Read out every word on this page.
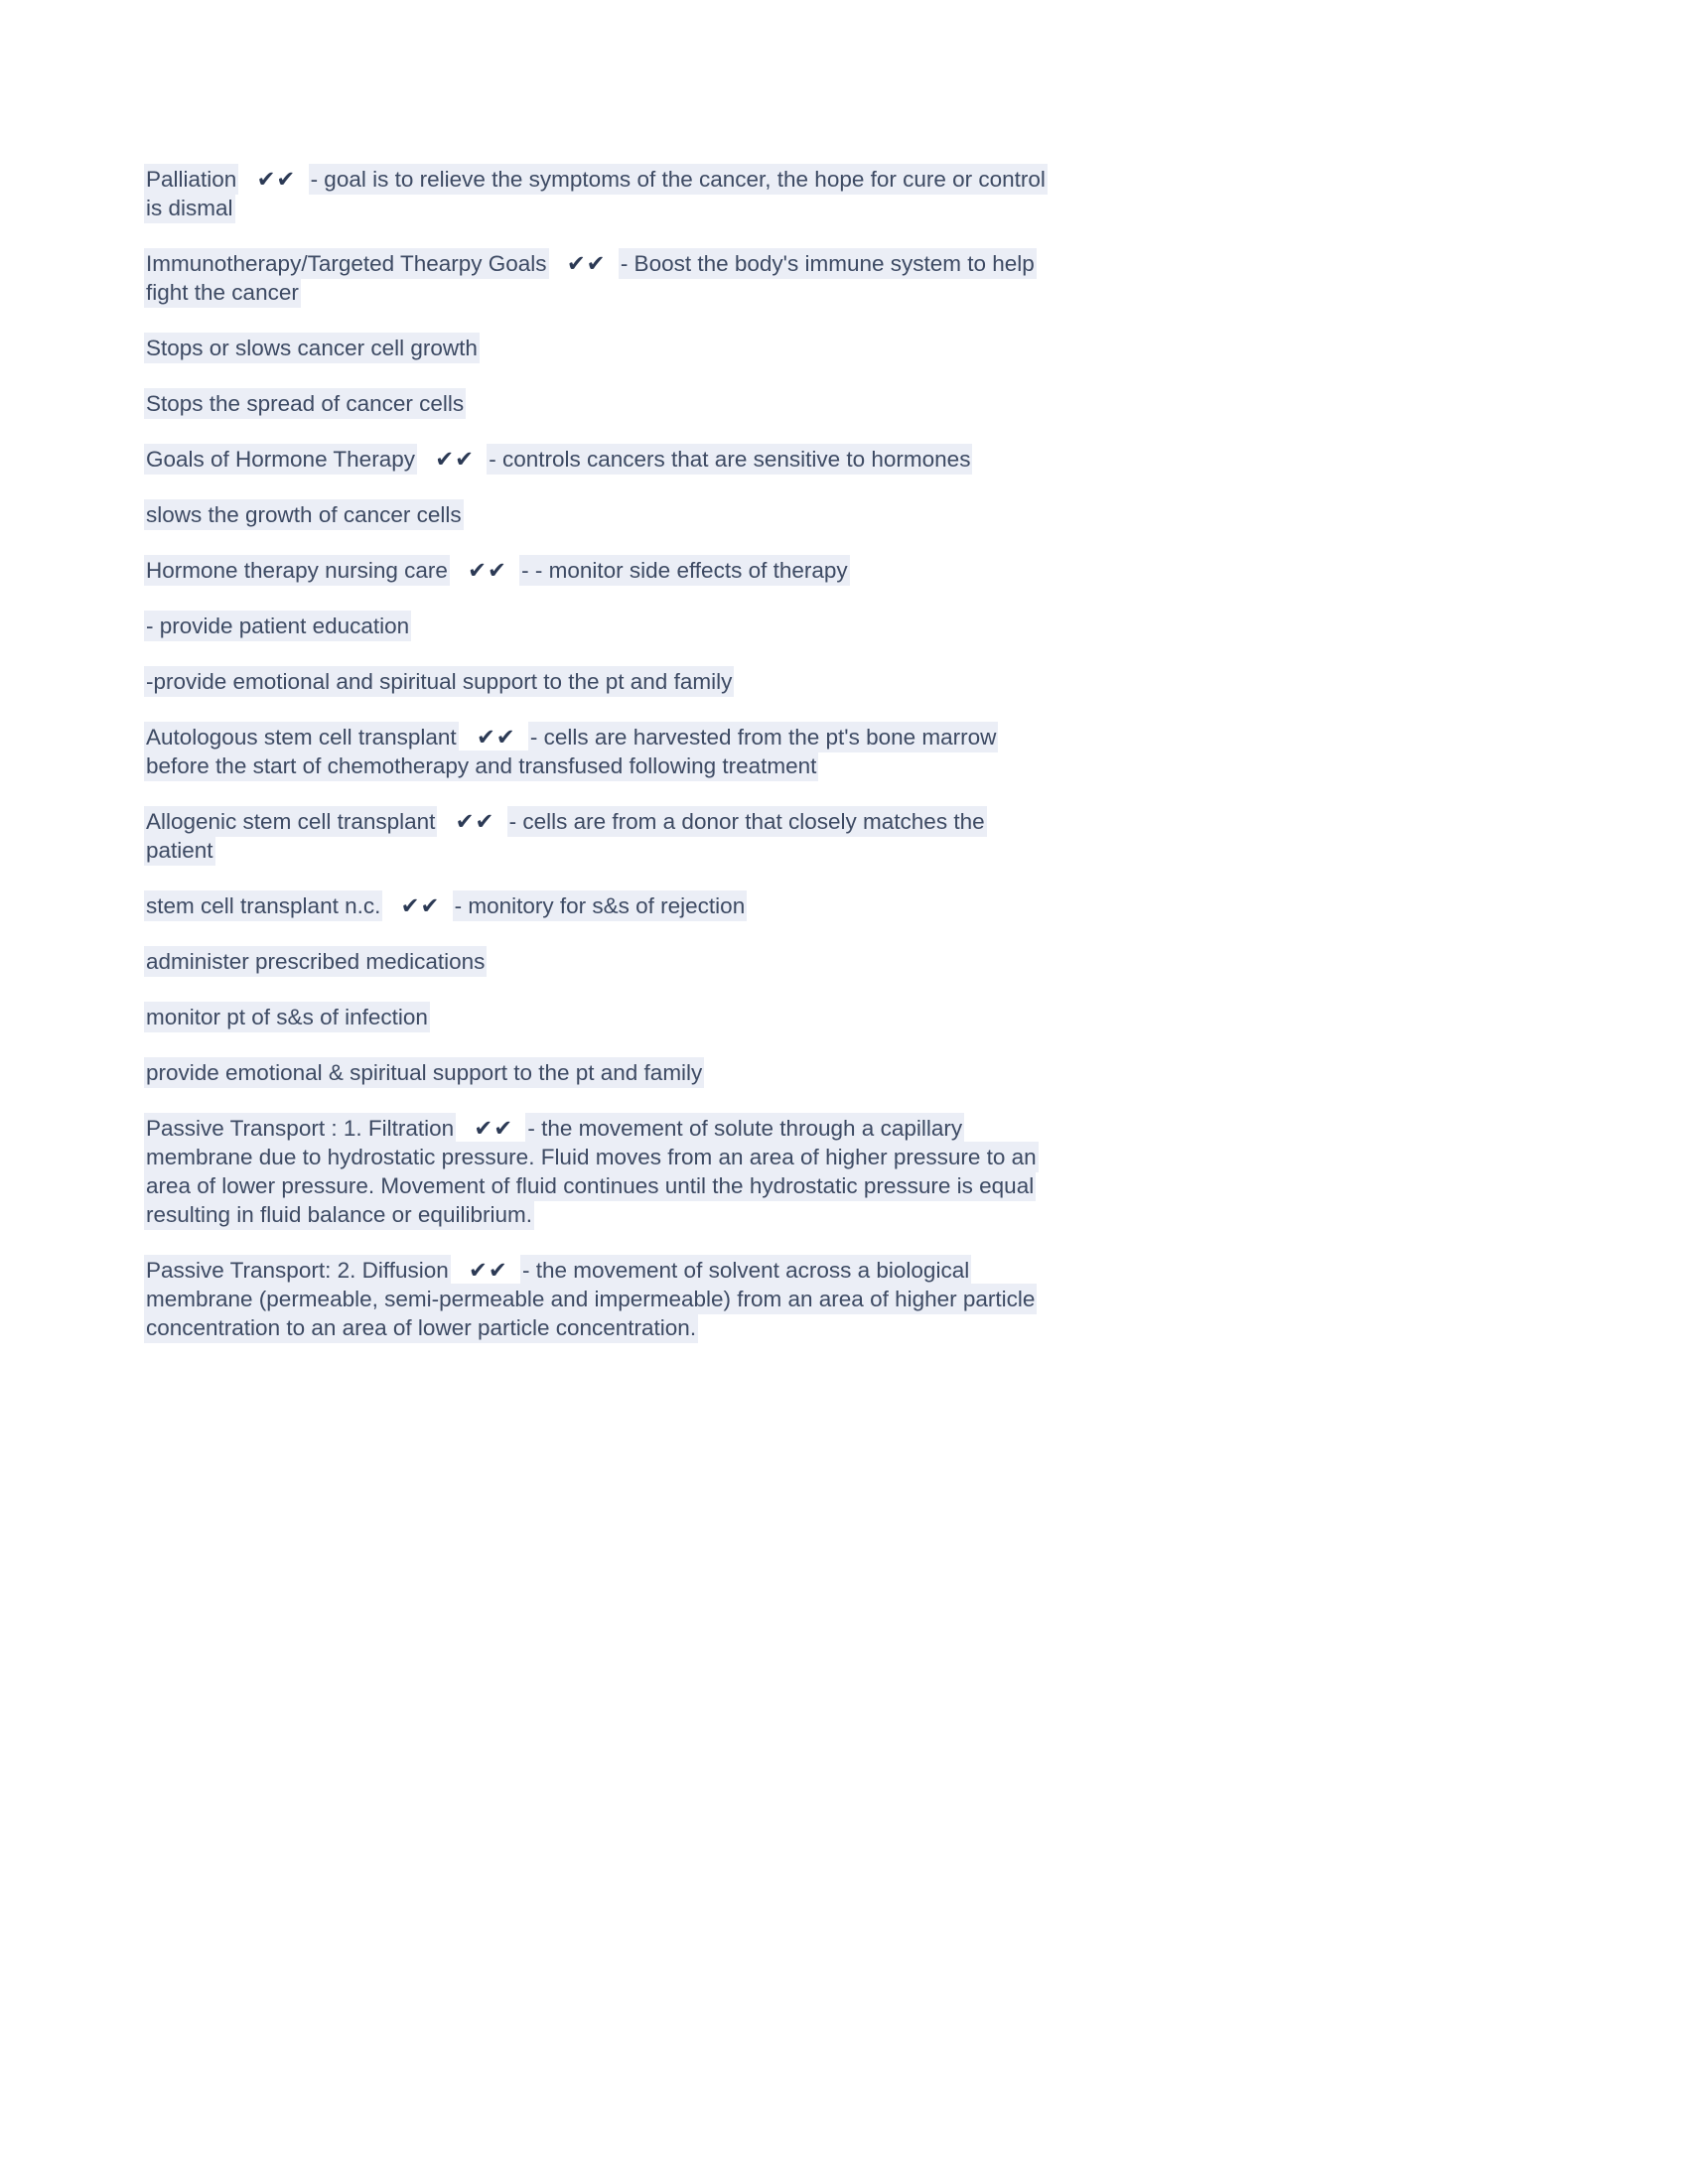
Palliation ✔✔ - goal is to relieve the symptoms of the cancer, the hope for cure or control is dismal

Immunotherapy/Targeted Thearpy Goals ✔✔ - Boost the body's immune system to help fight the cancer

Stops or slows cancer cell growth

Stops the spread of cancer cells

Goals of Hormone Therapy ✔✔ - controls cancers that are sensitive to hormones

slows the growth of cancer cells

Hormone therapy nursing care ✔✔ - - monitor side effects of therapy

- provide patient education

-provide emotional and spiritual support to the pt and family

Autologous stem cell transplant ✔✔ - cells are harvested from the pt's bone marrow before the start of chemotherapy and transfused following treatment

Allogenic stem cell transplant ✔✔ - cells are from a donor that closely matches the patient

stem cell transplant n.c. ✔✔ - monitory for s&s of rejection

administer prescribed medications

monitor pt of s&s of infection

provide emotional & spiritual support to the pt and family

Passive Transport : 1. Filtration ✔✔ - the movement of solute through a capillary membrane due to hydrostatic pressure. Fluid moves from an area of higher pressure to an area of lower pressure. Movement of fluid continues until the hydrostatic pressure is equal resulting in fluid balance or equilibrium.

Passive Transport: 2. Diffusion ✔✔ - the movement of solvent across a biological membrane (permeable, semi-permeable and impermeable) from an area of higher particle concentration to an area of lower particle concentration.
